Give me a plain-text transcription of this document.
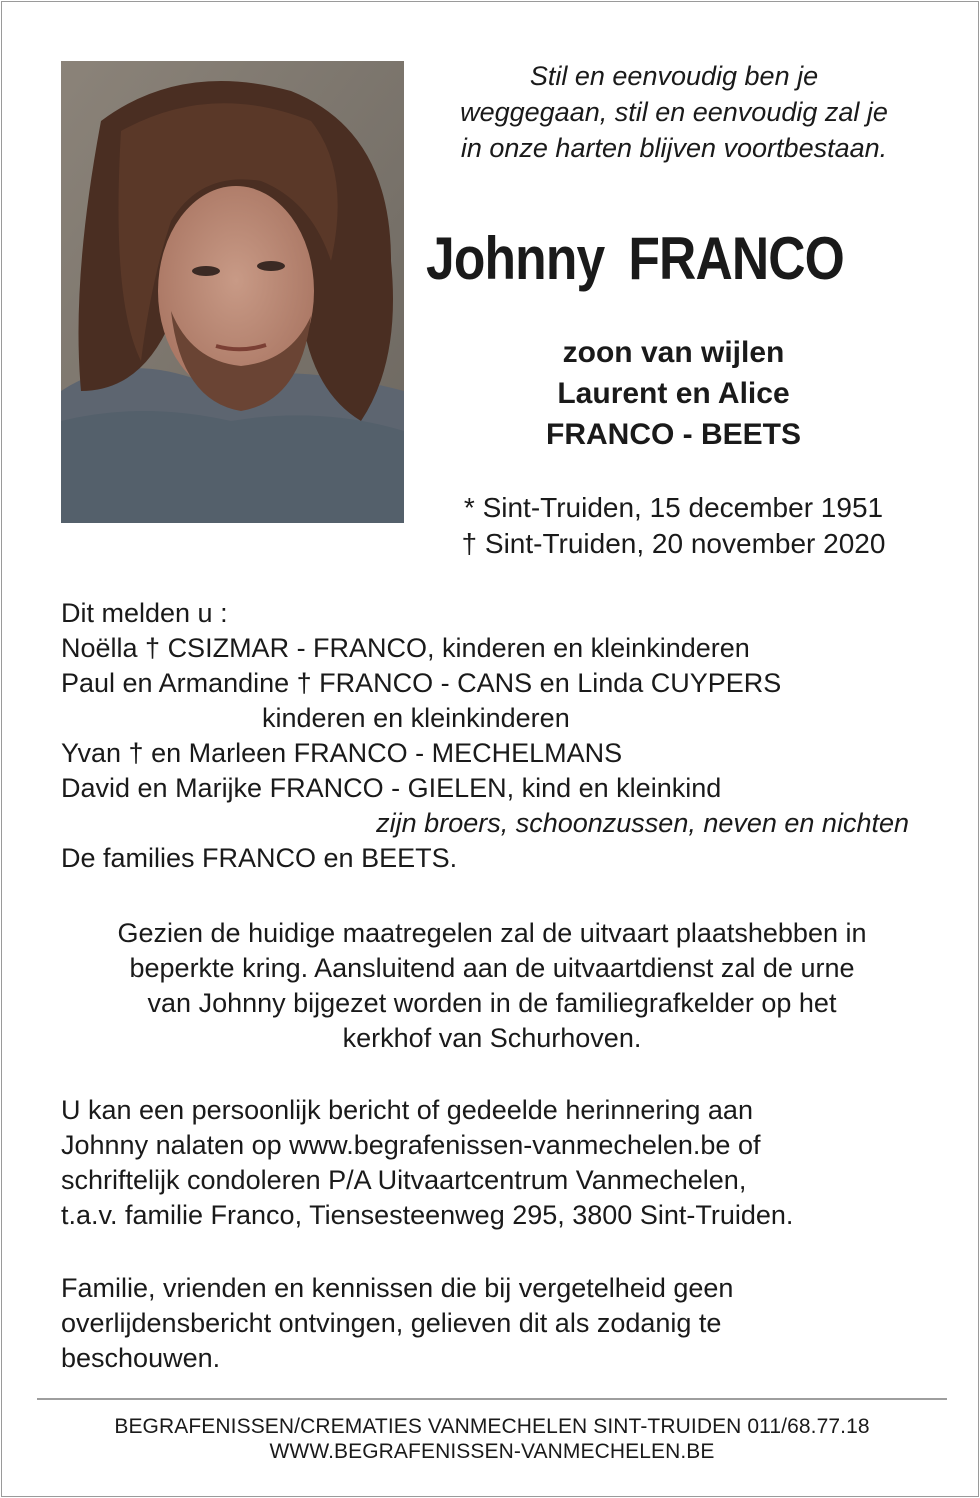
Stil en eenvoudig ben je
weggegaan, stil en eenvoudig zal je
in onze harten blijven voortbestaan.
Johnny FRANCO
zoon van wijlen
Laurent en Alice
FRANCO - BEETS
* Sint-Truiden, 15 december 1951
† Sint-Truiden, 20 november 2020
Dit melden u :
Noëlla † CSIZMAR - FRANCO, kinderen en kleinkinderen
Paul en Armandine † FRANCO - CANS en Linda CUYPERS
kinderen en kleinkinderen
Yvan † en Marleen FRANCO - MECHELMANS
David en Marijke FRANCO - GIELEN, kind en kleinkind
zijn broers, schoonzussen, neven en nichten
De families FRANCO en BEETS.
Gezien de huidige maatregelen zal de uitvaart plaatshebben in
beperkte kring. Aansluitend aan de uitvaartdienst zal de urne
van Johnny bijgezet worden in de familiegrafkelder op het
kerkhof van Schurhoven.
U kan een persoonlijk bericht of gedeelde herinnering aan
Johnny nalaten op www.begrafenissen-vanmechelen.be of
schriftelijk condoleren P/A Uitvaartcentrum Vanmechelen,
t.a.v. familie Franco, Tiensesteenweg 295, 3800 Sint-Truiden.
Familie, vrienden en kennissen die bij vergetelheid geen
overlijdensbericht ontvingen, gelieven dit als zodanig te
beschouwen.
BEGRAFENISSEN/CREMATIES VANMECHELEN SINT-TRUIDEN 011/68.77.18
WWW.BEGRAFENISSEN-VANMECHELEN.BE
